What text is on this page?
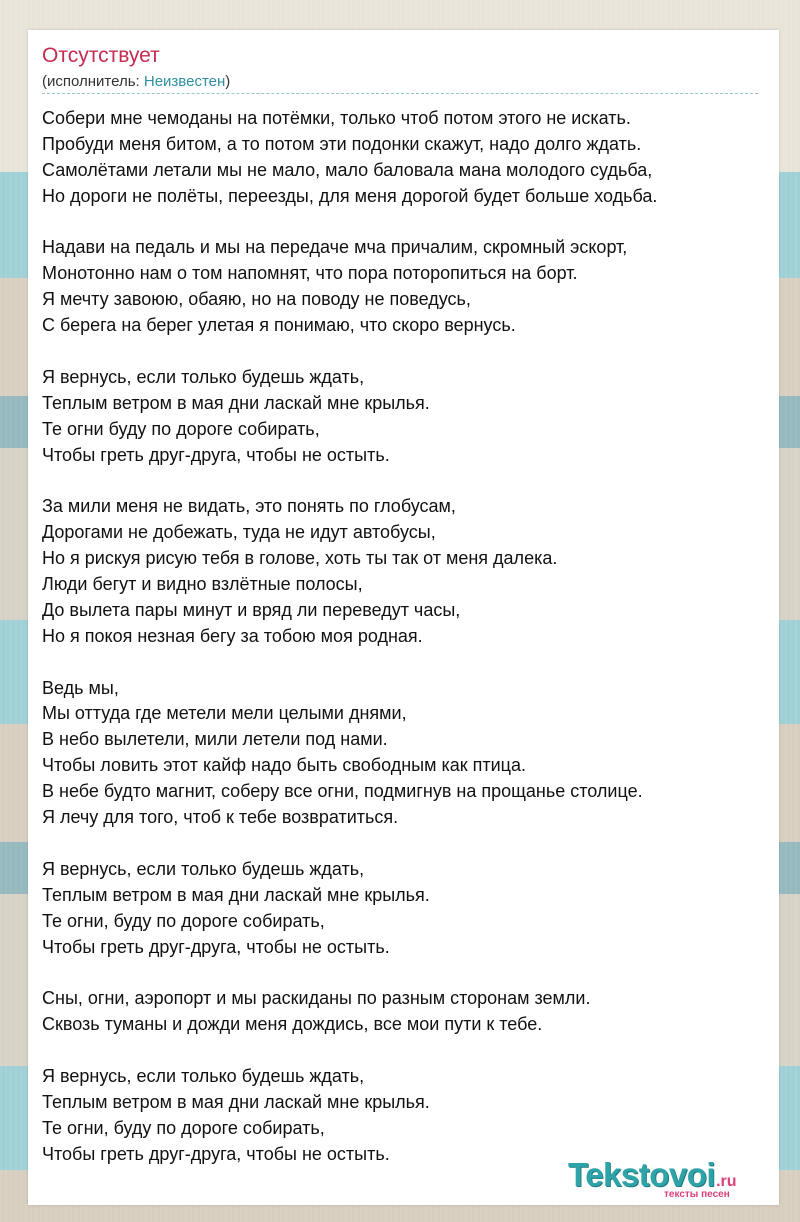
Отсутствует
(исполнитель: Неизвестен)
Собери мне чемоданы на потёмки, только чтоб потом этого не искать.
Пробуди меня битом, а то потом эти подонки скажут, надо долго ждать.
Самолётами летали мы не мало, мало баловала мана молодого судьба,
Но дороги не полёты, переезды, для меня дорогой будет больше ходьба.
Надави на педаль и мы на передаче мча причалим, скромный эскорт,
Монотонно нам о том напомнят, что пора поторопиться на борт.
Я мечту завоюю, обаяю, но на поводу не поведусь,
С берега на берег улетая я понимаю, что скоро вернусь.
Я вернусь, если только будешь ждать,
Теплым ветром в мая дни ласкай мне крылья.
Те огни буду по дороге собирать,
Чтобы греть друг-друга, чтобы не остыть.
За мили меня не видать, это понять по глобусам,
Дорогами не добежать, туда не идут автобусы,
Но я рискуя рисую тебя в голове, хоть ты так от меня далека.
Люди бегут и видно взлётные полосы,
До вылета пары минут и вряд ли переведут часы,
Но я покоя незная бегу за тобою моя родная.
Ведь мы,
Мы оттуда где метели мели целыми днями,
В небо вылетели, мили летели под нами.
Чтобы ловить этот кайф надо быть свободным как птица.
В небе будто магнит, соберу все огни, подмигнув на прощанье столице.
Я лечу для того, чтоб к тебе возвратиться.
Я вернусь, если только будешь ждать,
Теплым ветром в мая дни ласкай мне крылья.
Те огни, буду по дороге собирать,
Чтобы греть друг-друга, чтобы не остыть.
Сны, огни, аэропорт и мы раскиданы по разным сторонам земли.
Сквозь туманы и дожди меня дождись, все мои пути к тебе.
Я вернусь, если только будешь ждать,
Теплым ветром в мая дни ласкай мне крылья.
Те огни, буду по дороге собирать,
Чтобы греть друг-друга, чтобы не остыть.
Tekstovoi.ru
тексты песен
